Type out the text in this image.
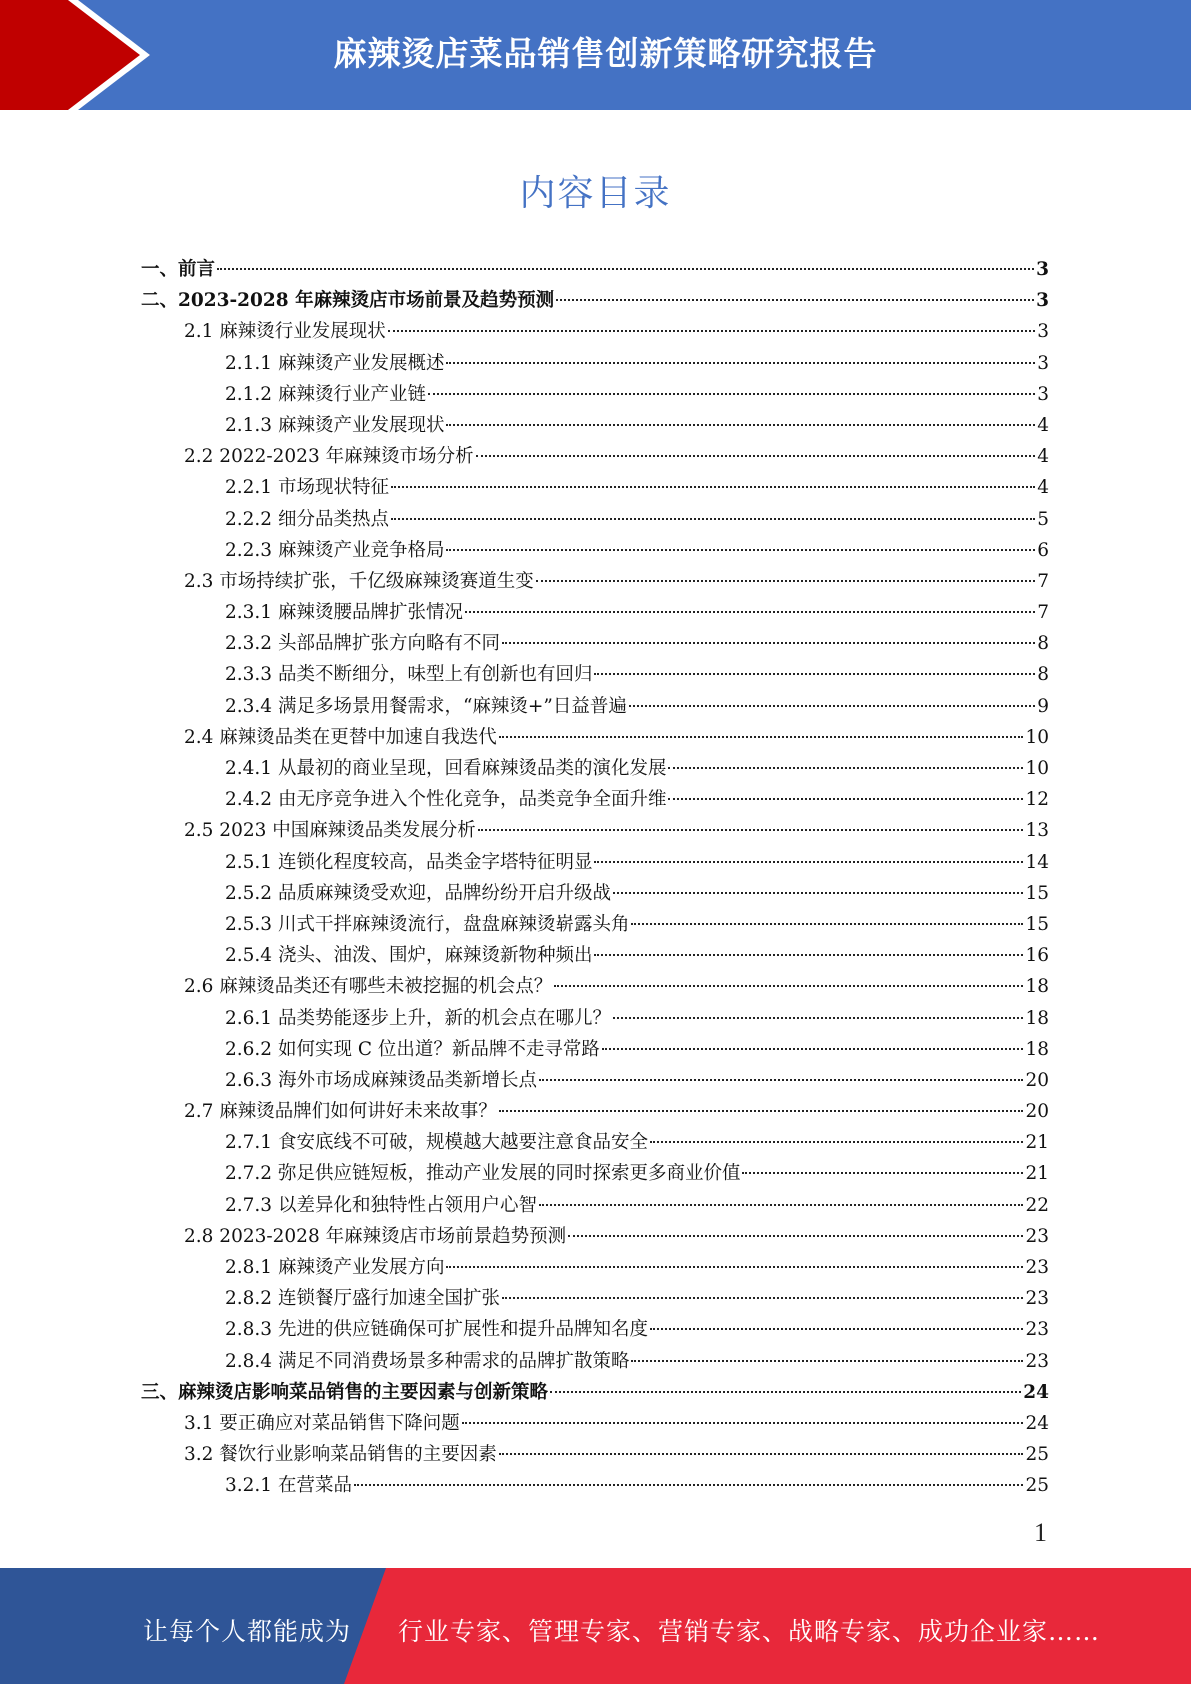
麻辣烫店菜品销售创新策略研究报告
内容目录
一、前言	3
二、2023-2028 年麻辣烫店市场前景及趋势预测	3
2.1 麻辣烫行业发展现状	3
2.1.1 麻辣烫产业发展概述	3
2.1.2 麻辣烫行业产业链	3
2.1.3 麻辣烫产业发展现状	4
2.2 2022-2023 年麻辣烫市场分析	4
2.2.1 市场现状特征	4
2.2.2 细分品类热点	5
2.2.3 麻辣烫产业竞争格局	6
2.3 市场持续扩张，千亿级麻辣烫赛道生变	7
2.3.1 麻辣烫腰品牌扩张情况	7
2.3.2 头部品牌扩张方向略有不同	8
2.3.3 品类不断细分，味型上有创新也有回归	8
2.3.4 满足多场景用餐需求，“麻辣烫+”日益普遍	9
2.4 麻辣烫品类在更替中加速自我迭代	10
2.4.1 从最初的商业呈现，回看麻辣烫品类的演化发展	10
2.4.2 由无序竞争进入个性化竞争，品类竞争全面升维	12
2.5 2023 中国麻辣烫品类发展分析	13
2.5.1 连锁化程度较高，品类金字塔特征明显	14
2.5.2 品质麻辣烫受欢迎，品牌纷纷开启升级战	15
2.5.3 川式干拌麻辣烫流行，盘盘麻辣烫崭露头角	15
2.5.4 浇头、油泼、围炉，麻辣烫新物种频出	16
2.6 麻辣烫品类还有哪些未被挖掘的机会点？	18
2.6.1 品类势能逐步上升，新的机会点在哪儿？	18
2.6.2 如何实现 C 位出道？新品牌不走寻常路	18
2.6.3 海外市场成麻辣烫品类新增长点	20
2.7 麻辣烫品牌们如何讲好未来故事？	20
2.7.1 食安底线不可破，规模越大越要注意食品安全	21
2.7.2 弥足供应链短板，推动产业发展的同时探索更多商业价值	21
2.7.3 以差异化和独特性占领用户心智	22
2.8 2023-2028 年麻辣烫店市场前景趋势预测	23
2.8.1 麻辣烫产业发展方向	23
2.8.2 连锁餐厅盛行加速全国扩张	23
2.8.3 先进的供应链确保可扩展性和提升品牌知名度	23
2.8.4 满足不同消费场景多种需求的品牌扩散策略	23
三、麻辣烫店影响菜品销售的主要因素与创新策略	24
3.1 要正确应对菜品销售下降问题	24
3.2 餐饮行业影响菜品销售的主要因素	25
3.2.1 在营菜品	25
1
让每个人都能成为 行业专家、管理专家、营销专家、战略专家、成功企业家……
